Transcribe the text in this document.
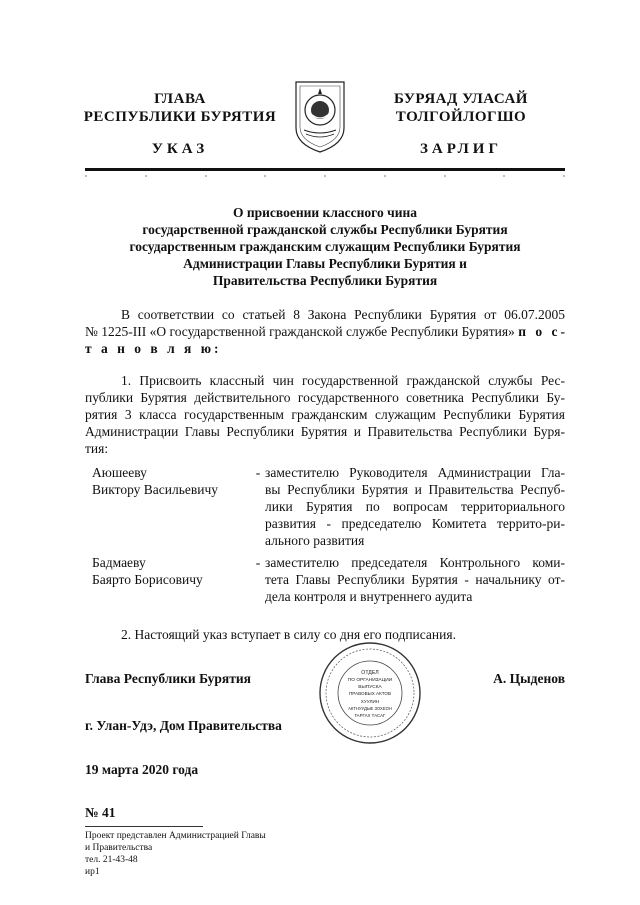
ГЛАВА
РЕСПУБЛИКИ БУРЯТИЯ
БУРЯАД УЛАСАЙ
ТОЛГОЙЛОГШО
УКАЗ	ЗАРЛИГ
О присвоении классного чина
государственной гражданской службы Республики Бурятия
государственным гражданским служащим Республики Бурятия
Администрации Главы Республики Бурятия и
Правительства Республики Бурятия
В соответствии со статьей 8 Закона Республики Бурятия от 06.07.2005
№ 1225-III «О государственной гражданской службе Республики Бурятия» п о с-
т а н о в л я ю:
1. Присвоить классный чин государственной гражданской службы Рес-
публики Бурятия действительного государственного советника Республики Бу-
рятия 3 класса государственным гражданским служащим Республики Бурятия
Администрации Главы Республики Бурятия и Правительства Республики Буря-
тия:
Аюшееву
Виктору Васильевичу
- заместителю Руководителя Администрации Гла-
вы Республики Бурятия и Правительства Респуб-
лики Бурятия по вопросам территориального
развития - председателю Комитета террито-ри-
ального развития
Бадмаеву
Баярто Борисовичу
- заместителю председателя Контрольного коми-
тета Главы Республики Бурятия - начальнику от-
дела контроля и внутреннего аудита
2. Настоящий указ вступает в силу со дня его подписания.
Глава Республики Бурятия	ОТДЕЛ
ПО ОРГАНИЗАЦИИ
ВЫПУСКА
ПРАВОВЫХ АКТОВ
ХУУЛИН
АКТНУУДЫЕ ЗОХЕОН
ГАРГАХ ТАСАГ
А. Цыденов
г. Улан-Удэ, Дом Правительства
19 марта 2020 года
№ 41
Проект представлен Администрацией Главы
и Правительства
тел. 21-43-48
ир1
